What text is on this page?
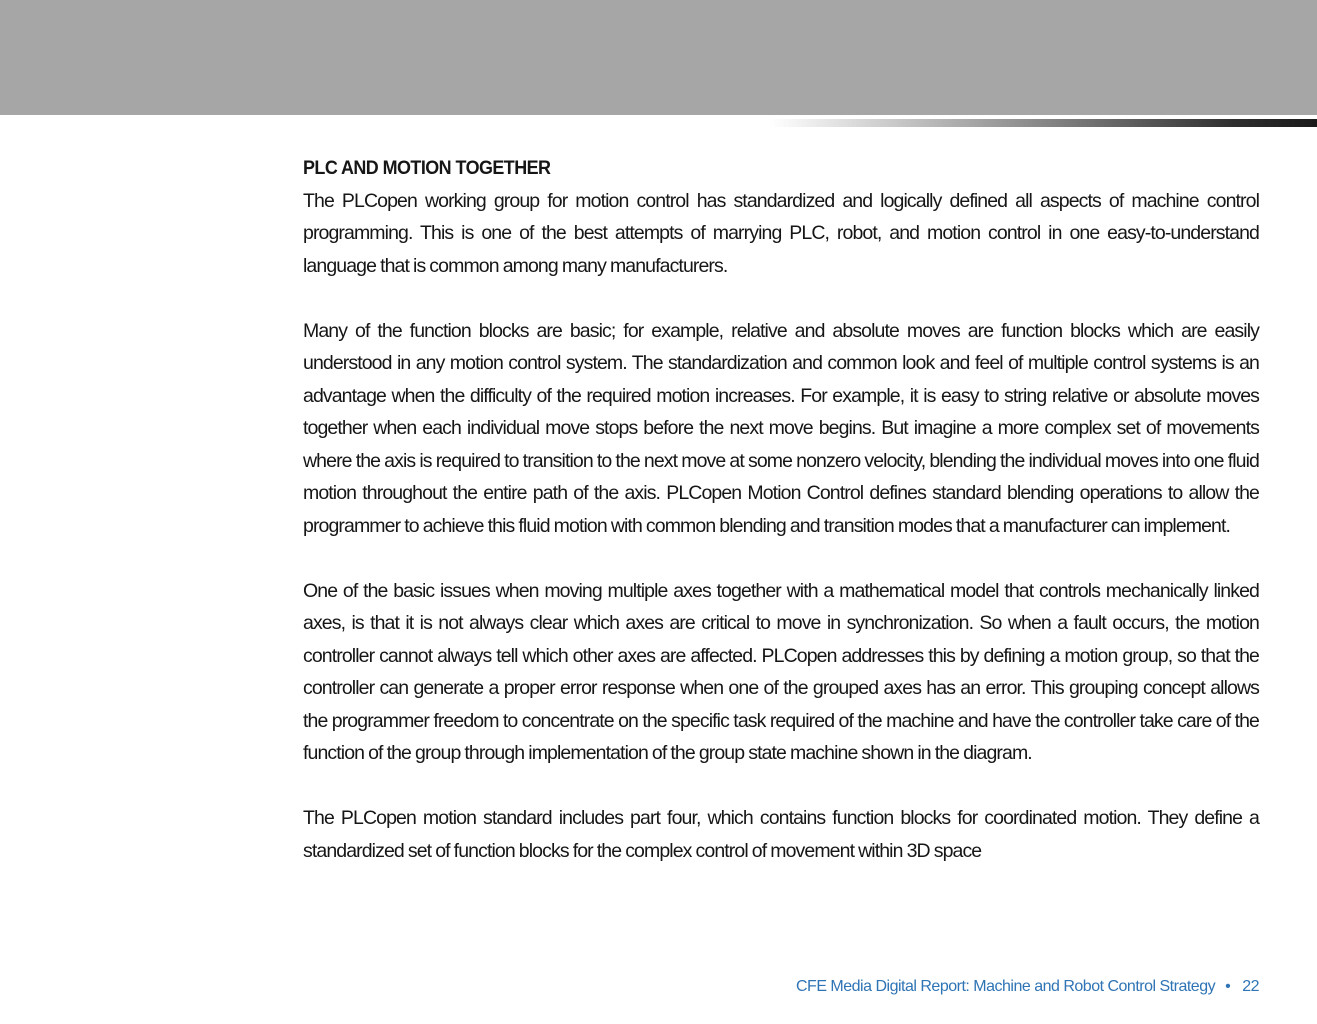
PLC AND MOTION TOGETHER

The PLCopen working group for motion control has standardized and logically defined all aspects of machine control programming. This is one of the best attempts of marrying PLC, robot, and motion control in one easy-to-understand language that is common among many manufacturers.

Many of the function blocks are basic; for example, relative and absolute moves are function blocks which are easily understood in any motion control system. The standardization and common look and feel of multiple control systems is an advantage when the difficulty of the required motion increases. For example, it is easy to string relative or absolute moves together when each individual move stops before the next move begins. But imagine a more complex set of movements where the axis is required to transition to the next move at some nonzero velocity, blending the individual moves into one fluid motion throughout the entire path of the axis. PLCopen Motion Control defines standard blending operations to allow the programmer to achieve this fluid motion with common blending and transition modes that a manufacturer can implement.

One of the basic issues when moving multiple axes together with a mathematical model that controls mechanically linked axes, is that it is not always clear which axes are critical to move in synchronization. So when a fault occurs, the motion controller cannot always tell which other axes are affected. PLCopen addresses this by defining a motion group, so that the controller can generate a proper error response when one of the grouped axes has an error. This grouping concept allows the programmer freedom to concentrate on the specific task required of the machine and have the controller take care of the function of the group through implementation of the group state machine shown in the diagram.

The PLCopen motion standard includes part four, which contains function blocks for coordinated motion. They define a standardized set of function blocks for the complex control of movement within 3D space

CFE Media Digital Report: Machine and Robot Control Strategy • 22
